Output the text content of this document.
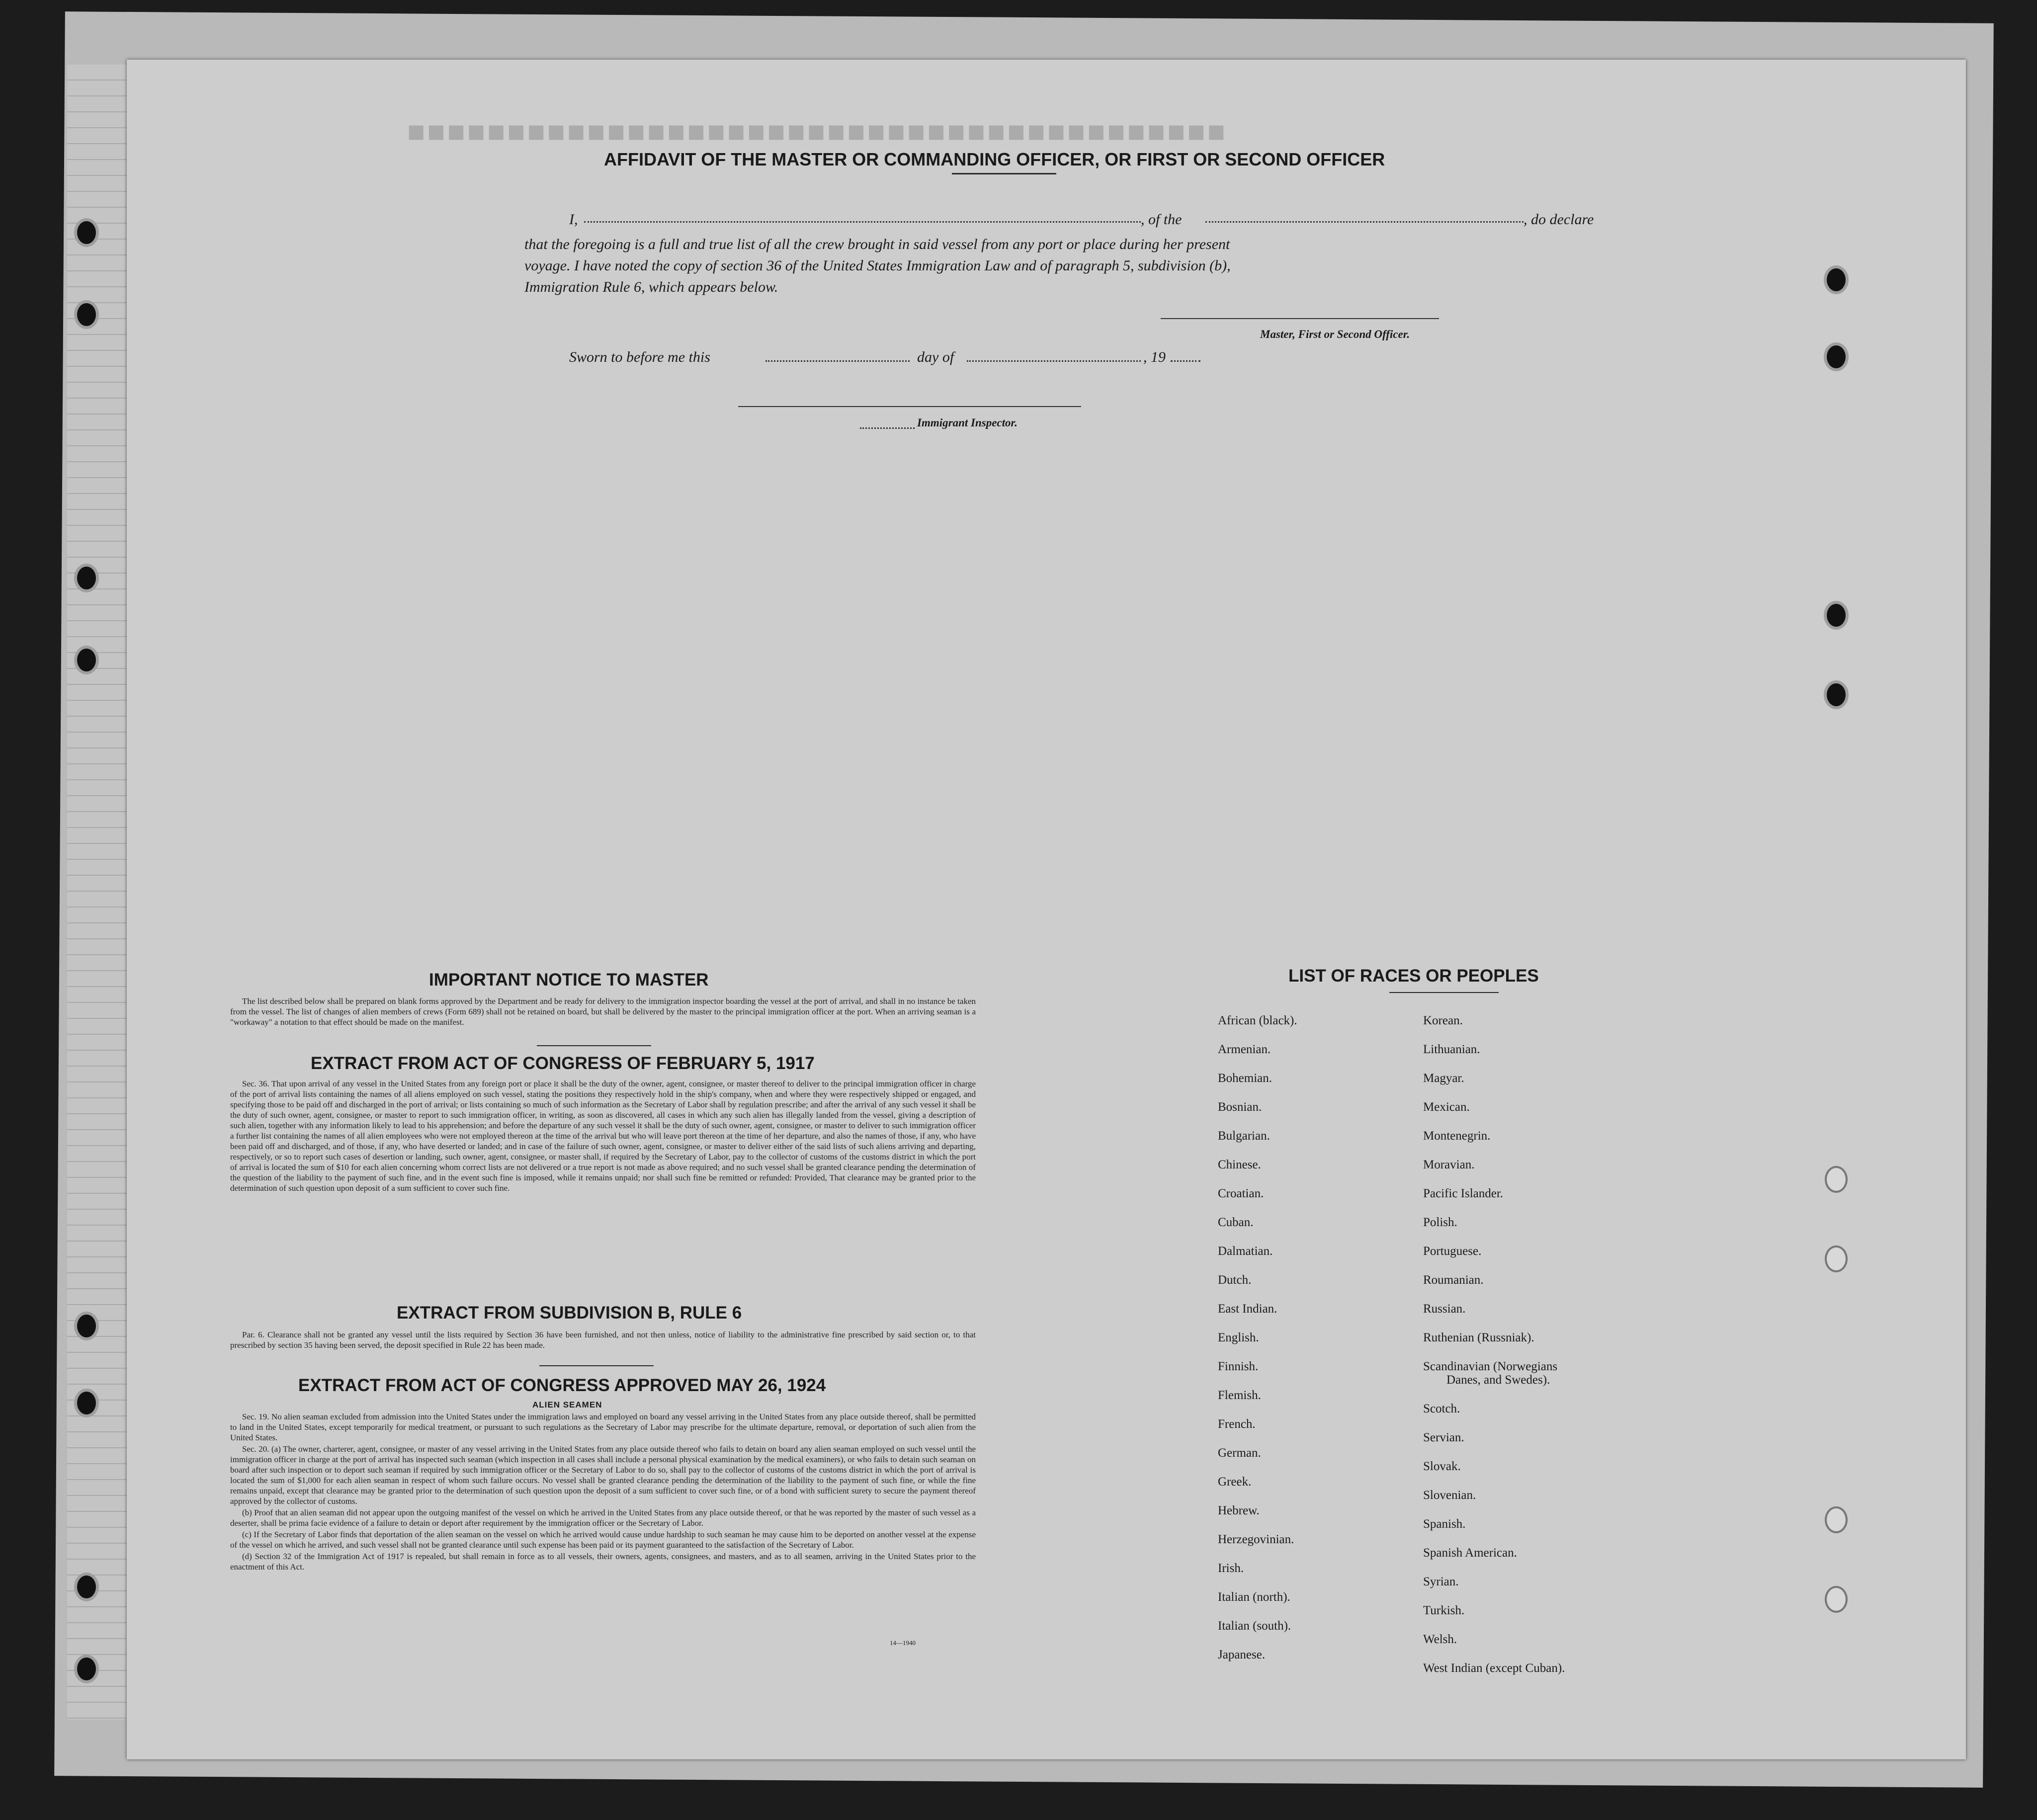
■■■■■■■■■■■■■■■■■■■■■■■■■■■■■■■■■■■■■■■■■
AFFIDAVIT OF THE MASTER OR COMMANDING OFFICER, OR FIRST OR SECOND OFFICER
I,	, of the	, do declare
that the foregoing is a full and true list of all the crew brought in said vessel from any port or place during her present
voyage. I have noted the copy of section 36 of the United States Immigration Law and of paragraph 5, subdivision (b),
Immigration Rule 6, which appears below.
Master, First or Second Officer.
Sworn to before me this	day of	, 19
Immigrant Inspector.
IMPORTANT NOTICE TO MASTER

The list described below shall be prepared on blank forms approved by the Department and be ready for delivery to the immigration inspector boarding the vessel at the port of arrival, and shall in no instance be taken from the vessel. The list of changes of alien members of crews (Form 689) shall not be retained on board, but shall be delivered by the master to the principal immigration officer at the port. When an arriving seaman is a "workaway" a notation to that effect should be made on the manifest.

EXTRACT FROM ACT OF CONGRESS OF FEBRUARY 5, 1917

Sec. 36. That upon arrival of any vessel in the United States from any foreign port or place it shall be the duty of the owner, agent, consignee, or master thereof to deliver to the principal immigration officer in charge of the port of arrival lists containing the names of all aliens employed on such vessel, stating the positions they respectively hold in the ship's company, when and where they were respectively shipped or engaged, and specifying those to be paid off and discharged in the port of arrival; or lists containing so much of such information as the Secretary of Labor shall by regulation prescribe; and after the arrival of any such vessel it shall be the duty of such owner, agent, consignee, or master to report to such immigration officer, in writing, as soon as discovered, all cases in which any such alien has illegally landed from the vessel, giving a description of such alien, together with any information likely to lead to his apprehension; and before the departure of any such vessel it shall be the duty of such owner, agent, consignee, or master to deliver to such immigration officer a further list containing the names of all alien employees who were not employed thereon at the time of the arrival but who will leave port thereon at the time of her departure, and also the names of those, if any, who have been paid off and discharged, and of those, if any, who have deserted or landed; and in case of the failure of such owner, agent, consignee, or master to deliver either of the said lists of such aliens arriving and departing, respectively, or so to report such cases of desertion or landing, such owner, agent, consignee, or master shall, if required by the Secretary of Labor, pay to the collector of customs of the customs district in which the port of arrival is located the sum of $10 for each alien concerning whom correct lists are not delivered or a true report is not made as above required; and no such vessel shall be granted clearance pending the determination of the question of the liability to the payment of such fine, and in the event such fine is imposed, while it remains unpaid; nor shall such fine be remitted or refunded: Provided, That clearance may be granted prior to the determination of such question upon deposit of a sum sufficient to cover such fine.

EXTRACT FROM SUBDIVISION B, RULE 6

Par. 6. Clearance shall not be granted any vessel until the lists required by Section 36 have been furnished, and not then unless, notice of liability to the administrative fine prescribed by said section or, to that prescribed by section 35 having been served, the deposit specified in Rule 22 has been made.

EXTRACT FROM ACT OF CONGRESS APPROVED MAY 26, 1924
ALIEN SEAMEN

Sec. 19. No alien seaman excluded from admission into the United States under the immigration laws and employed on board any vessel arriving in the United States from any place outside thereof, shall be permitted to land in the United States, except temporarily for medical treatment, or pursuant to such regulations as the Secretary of Labor may prescribe for the ultimate departure, removal, or deportation of such alien from the United States.

Sec. 20. (a) The owner, charterer, agent, consignee, or master of any vessel arriving in the United States from any place outside thereof who fails to detain on board any alien seaman employed on such vessel until the immigration officer in charge at the port of arrival has inspected such seaman (which inspection in all cases shall include a personal physical examination by the medical examiners), or who fails to detain such seaman on board after such inspection or to deport such seaman if required by such immigration officer or the Secretary of Labor to do so, shall pay to the collector of customs of the customs district in which the port of arrival is located the sum of $1,000 for each alien seaman in respect of whom such failure occurs. No vessel shall be granted clearance pending the determination of the liability to the payment of such fine, or while the fine remains unpaid, except that clearance may be granted prior to the determination of such question upon the deposit of a sum sufficient to cover such fine, or of a bond with sufficient surety to secure the payment thereof approved by the collector of customs.

(b) Proof that an alien seaman did not appear upon the outgoing manifest of the vessel on which he arrived in the United States from any place outside thereof, or that he was reported by the master of such vessel as a deserter, shall be prima facie evidence of a failure to detain or deport after requirement by the immigration officer or the Secretary of Labor.

(c) If the Secretary of Labor finds that deportation of the alien seaman on the vessel on which he arrived would cause undue hardship to such seaman he may cause him to be deported on another vessel at the expense of the vessel on which he arrived, and such vessel shall not be granted clearance until such expense has been paid or its payment guaranteed to the satisfaction of the Secretary of Labor.

(d) Section 32 of the Immigration Act of 1917 is repealed, but shall remain in force as to all vessels, their owners, agents, consignees, and masters, and as to all seamen, arriving in the United States prior to the enactment of this Act.

14—1940
LIST OF RACES OR PEOPLES
African (black).
Armenian.
Bohemian.
Bosnian.
Bulgarian.
Chinese.
Croatian.
Cuban.
Dalmatian.
Dutch.
East Indian.
English.
Finnish.
Flemish.
French.
German.
Greek.
Hebrew.
Herzegovinian.
Irish.
Italian (north).
Italian (south).
Japanese.
Korean.
Lithuanian.
Magyar.
Mexican.
Montenegrin.
Moravian.
Pacific Islander.
Polish.
Portuguese.
Roumanian.
Russian.
Ruthenian (Russniak).
Scandinavian (Norwegians
Danes, and Swedes).
Scotch.
Servian.
Slovak.
Slovenian.
Spanish.
Spanish American.
Syrian.
Turkish.
Welsh.
West Indian (except Cuban).
